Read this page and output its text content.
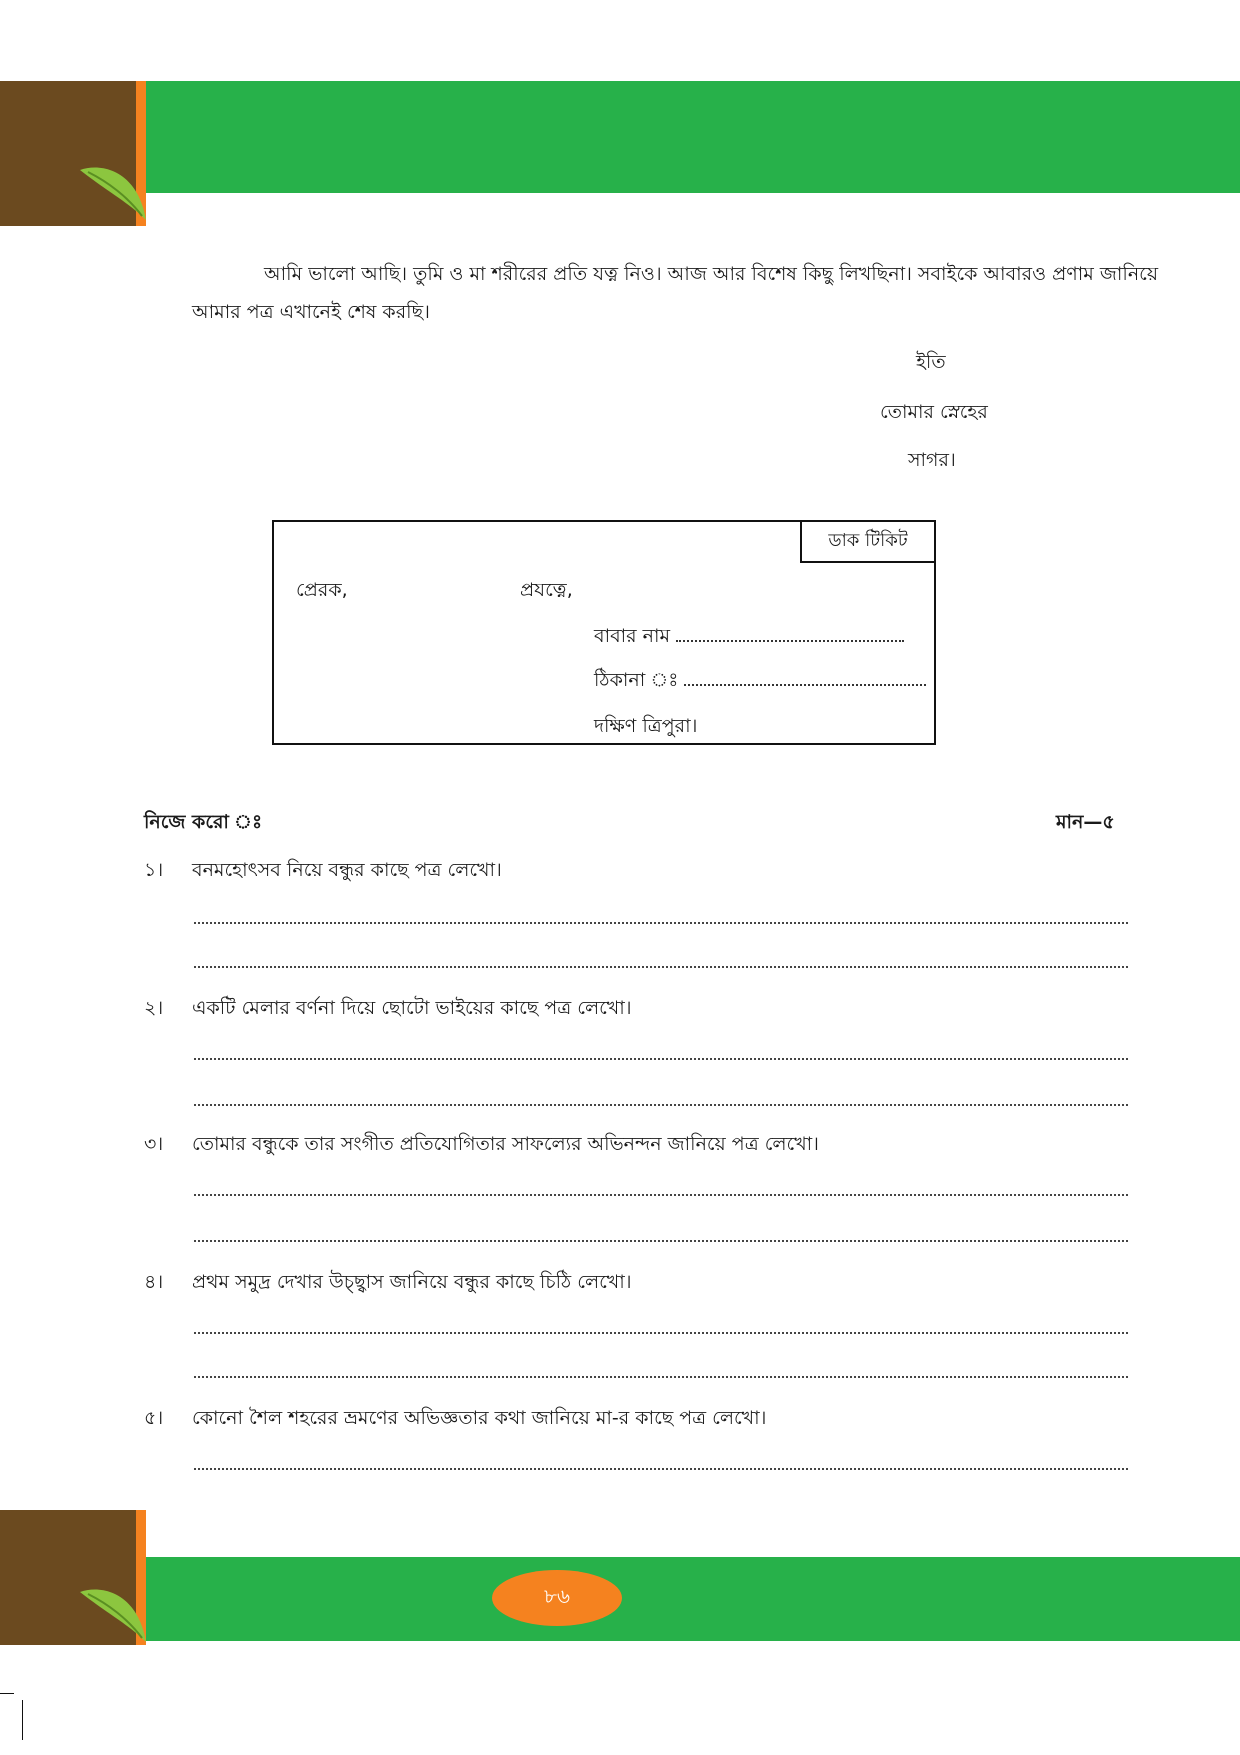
আমি ভালো আছি। তুমি ও মা শরীরের প্রতি যত্ন নিও। আজ আর বিশেষ কিছু লিখছিনা। সবাইকে আবারও প্রণাম জানিয়ে
আমার পত্র এখানেই শেষ করছি।
ইতি
তোমার স্নেহের
সাগর।
ডাক টিকিট
প্রেরক,	প্রযত্নে,
বাবার নাম
ঠিকানা ঃ
দক্ষিণ ত্রিপুরা।
নিজে করো ঃ	মান—৫
১। বনমহোৎসব নিয়ে বন্ধুর কাছে পত্র লেখো।
২। একটি মেলার বর্ণনা দিয়ে ছোটো ভাইয়ের কাছে পত্র লেখো।
৩। তোমার বন্ধুকে তার সংগীত প্রতিযোগিতার সাফল্যের অভিনন্দন জানিয়ে পত্র লেখো।
৪। প্রথম সমুদ্র দেখার উচ্ছ্বাস জানিয়ে বন্ধুর কাছে চিঠি লেখো।
৫। কোনো শৈল শহরের ভ্রমণের অভিজ্ঞতার কথা জানিয়ে মা-র কাছে পত্র লেখো।
৮৬
